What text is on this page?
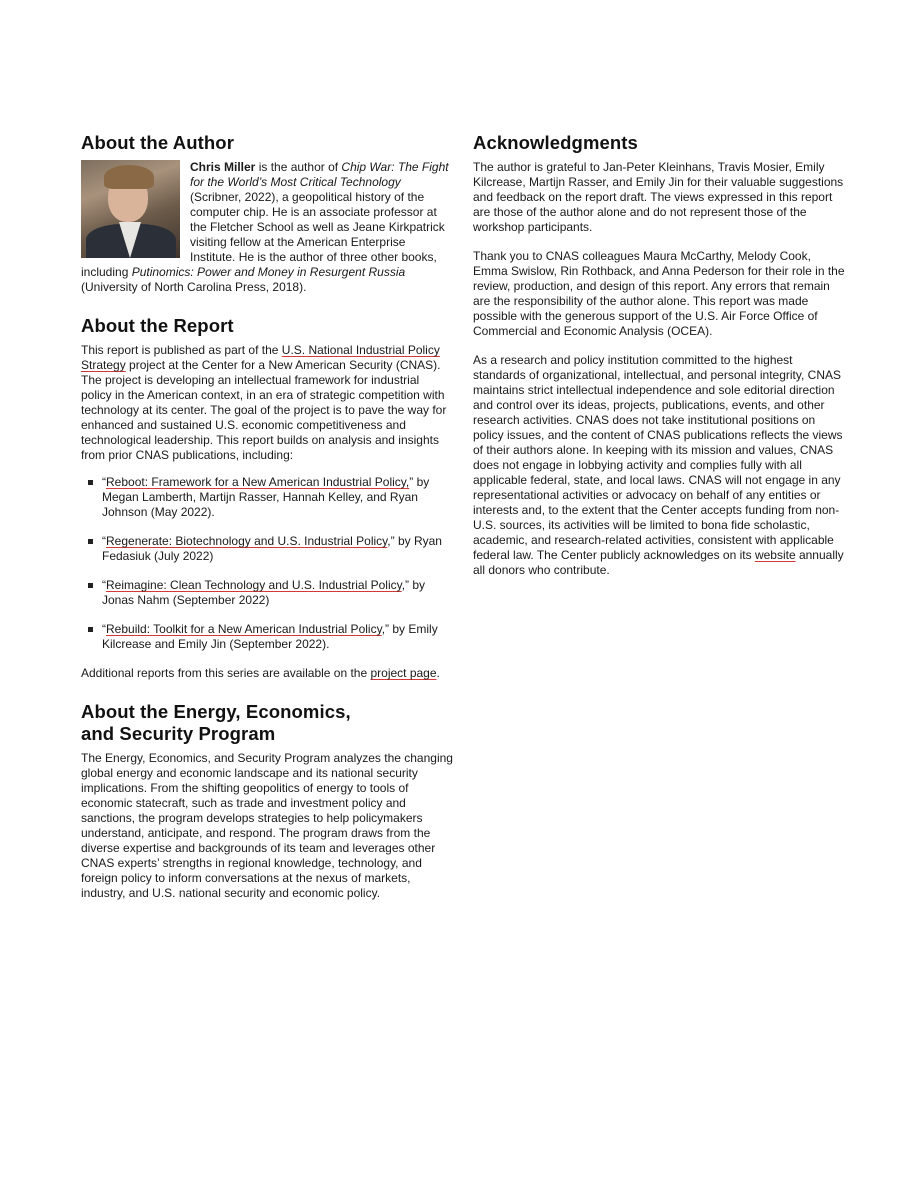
About the Author

Chris Miller is the author of Chip War: The Fight for the World’s Most Critical Technology (Scribner, 2022), a geopolitical history of the computer chip. He is an associate professor at the Fletcher School as well as Jeane Kirkpatrick visiting fellow at the American Enterprise Institute. He is the author of three other books, including Putinomics: Power and Money in Resurgent Russia (University of North Carolina Press, 2018).

About the Report

This report is published as part of the U.S. National Industrial Policy Strategy project at the Center for a New American Security (CNAS). The project is developing an intellectual framework for industrial policy in the American context, in an era of strategic competition with technology at its center. The goal of the project is to pave the way for enhanced and sustained U.S. economic competitiveness and technological leadership. This report builds on analysis and insights from prior CNAS publications, including:

“Reboot: Framework for a New American Industrial Policy,” by Megan Lamberth, Martijn Rasser, Hannah Kelley, and Ryan Johnson (May 2022).
“Regenerate: Biotechnology and U.S. Industrial Policy,” by Ryan Fedasiuk (July 2022)
“Reimagine: Clean Technology and U.S. Industrial Policy,” by Jonas Nahm (September 2022)
“Rebuild: Toolkit for a New American Industrial Policy,” by Emily Kilcrease and Emily Jin (September 2022).

Additional reports from this series are available on the project page.

About the Energy, Economics,
and Security Program

The Energy, Economics, and Security Program analyzes the changing global energy and economic landscape and its national security implications. From the shifting geopolitics of energy to tools of economic statecraft, such as trade and investment policy and sanctions, the program develops strategies to help policymakers understand, anticipate, and respond. The program draws from the diverse expertise and backgrounds of its team and leverages other CNAS experts’ strengths in regional knowledge, technology, and foreign policy to inform conversations at the nexus of markets, industry, and U.S. national security and economic policy.

Acknowledgments

The author is grateful to Jan-Peter Kleinhans, Travis Mosier, Emily Kilcrease, Martijn Rasser, and Emily Jin for their valuable suggestions and feedback on the report draft. The views expressed in this report are those of the author alone and do not represent those of the workshop participants.

Thank you to CNAS colleagues Maura McCarthy, Melody Cook, Emma Swislow, Rin Rothback, and Anna Pederson for their role in the review, production, and design of this report. Any errors that remain are the responsibility of the author alone. This report was made possible with the generous support of the U.S. Air Force Office of Commercial and Economic Analysis (OCEA).

As a research and policy institution committed to the highest standards of organizational, intellectual, and personal integrity, CNAS maintains strict intellectual independence and sole editorial direction and control over its ideas, projects, publications, events, and other research activities. CNAS does not take institutional positions on policy issues, and the content of CNAS publications reflects the views of their authors alone. In keeping with its mission and values, CNAS does not engage in lobbying activity and complies fully with all applicable federal, state, and local laws. CNAS will not engage in any representational activities or advocacy on behalf of any entities or interests and, to the extent that the Center accepts funding from non-U.S. sources, its activities will be limited to bona fide scholastic, academic, and research-related activities, consistent with applicable federal law. The Center publicly acknowledges on its website annually all donors who contribute.
